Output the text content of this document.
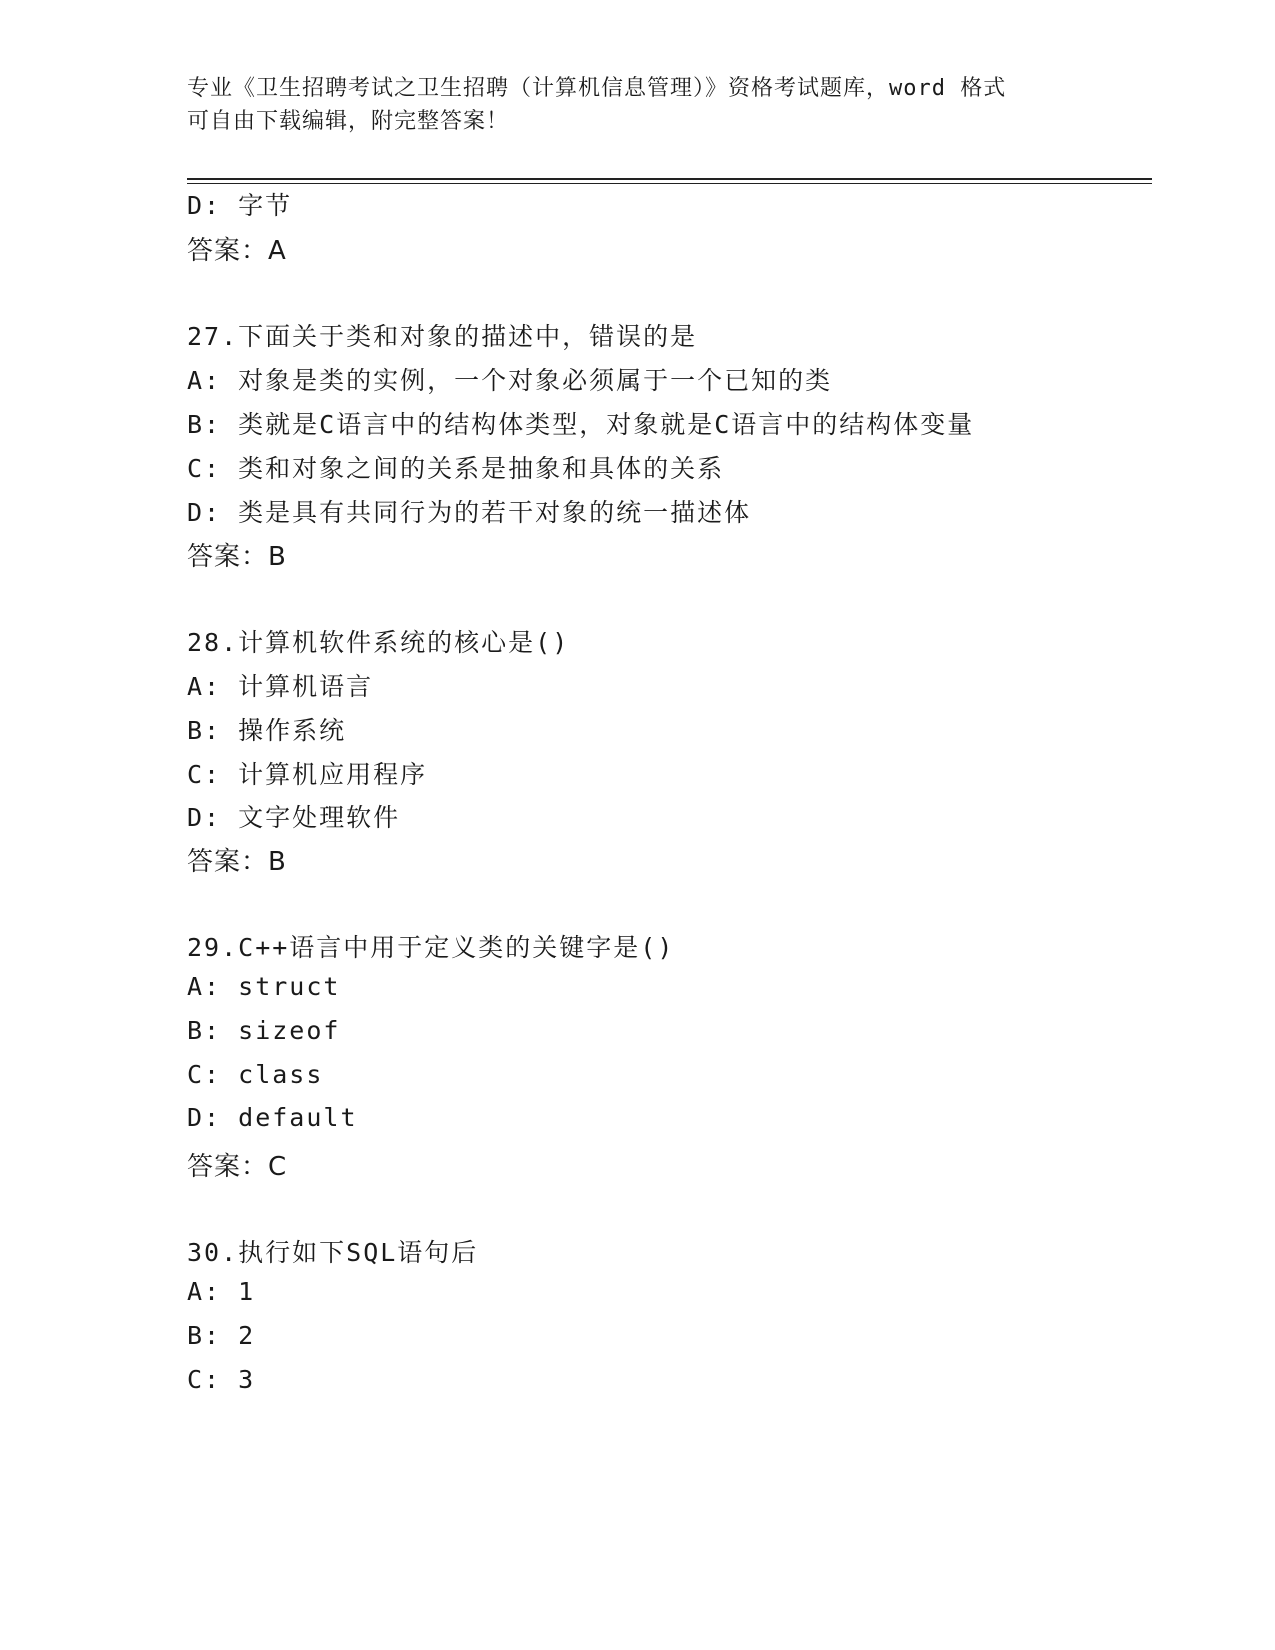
专业《卫生招聘考试之卫生招聘（计算机信息管理）》资格考试题库，word 格式
可自由下载编辑，附完整答案！
D: 字节
答案：A
27.下面关于类和对象的描述中，错误的是
A: 对象是类的实例，一个对象必须属于一个已知的类
B: 类就是C语言中的结构体类型，对象就是C语言中的结构体变量
C: 类和对象之间的关系是抽象和具体的关系
D: 类是具有共同行为的若干对象的统一描述体
答案：B
28.计算机软件系统的核心是()
A: 计算机语言
B: 操作系统
C: 计算机应用程序
D: 文字处理软件
答案：B
29.C++语言中用于定义类的关键字是()
A: struct
B: sizeof
C: class
D: default
答案：C
30.执行如下SQL语句后
A: 1
B: 2
C: 3
